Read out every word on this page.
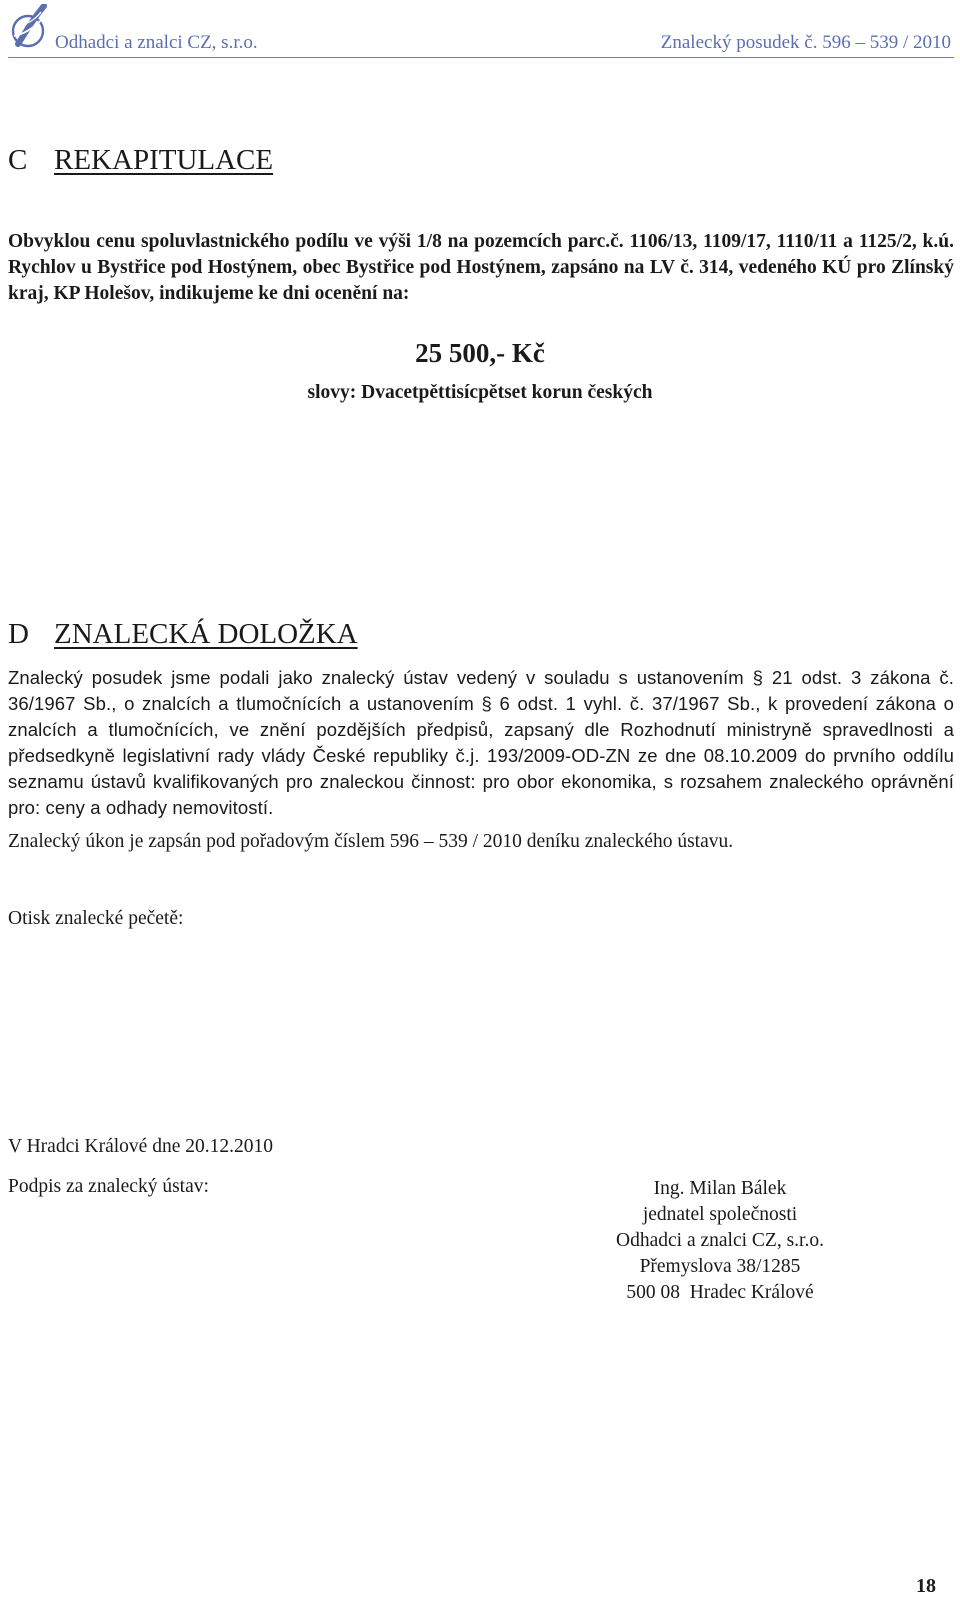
Odhadci a znalci CZ, s.r.o.	Znalecký posudek č. 596 – 539 / 2010
C REKAPITULACE
Obvyklou cenu spoluvlastnického podílu ve výši 1/8 na pozemcích parc.č. 1106/13, 1109/17, 1110/11 a 1125/2, k.ú. Rychlov u Bystřice pod Hostýnem, obec Bystřice pod Hostýnem, zapsáno na LV č. 314, vedeného KÚ pro Zlínský kraj, KP Holešov, indikujeme ke dni ocenění na:
25 500,- Kč
slovy: Dvacetpěttisícpětset korun českých
D ZNALECKÁ DOLOŽKA
Znalecký posudek jsme podali jako znalecký ústav vedený v souladu s ustanovením § 21 odst. 3 zákona č. 36/1967 Sb., o znalcích a tlumočnících a ustanovením § 6 odst. 1 vyhl. č. 37/1967 Sb., k provedení zákona o znalcích a tlumočnících, ve znění pozdějších předpisů, zapsaný dle Rozhodnutí ministryně spravedlnosti a předsedkyně legislativní rady vlády České republiky č.j. 193/2009-OD-ZN ze dne 08.10.2009 do prvního oddílu seznamu ústavů kvalifikovaných pro znaleckou činnost: pro obor ekonomika, s rozsahem znaleckého oprávnění pro: ceny a odhady nemovitostí.
Znalecký úkon je zapsán pod pořadovým číslem 596 – 539 / 2010 deníku znaleckého ústavu.
Otisk znalecké pečetě:
V Hradci Králové dne 20.12.2010
Podpis za znalecký ústav:	Ing. Milan Bálek
jednatel společnosti
Odhadci a znalci CZ, s.r.o.
Přemyslova 38/1285
500 08  Hradec Králové
18
